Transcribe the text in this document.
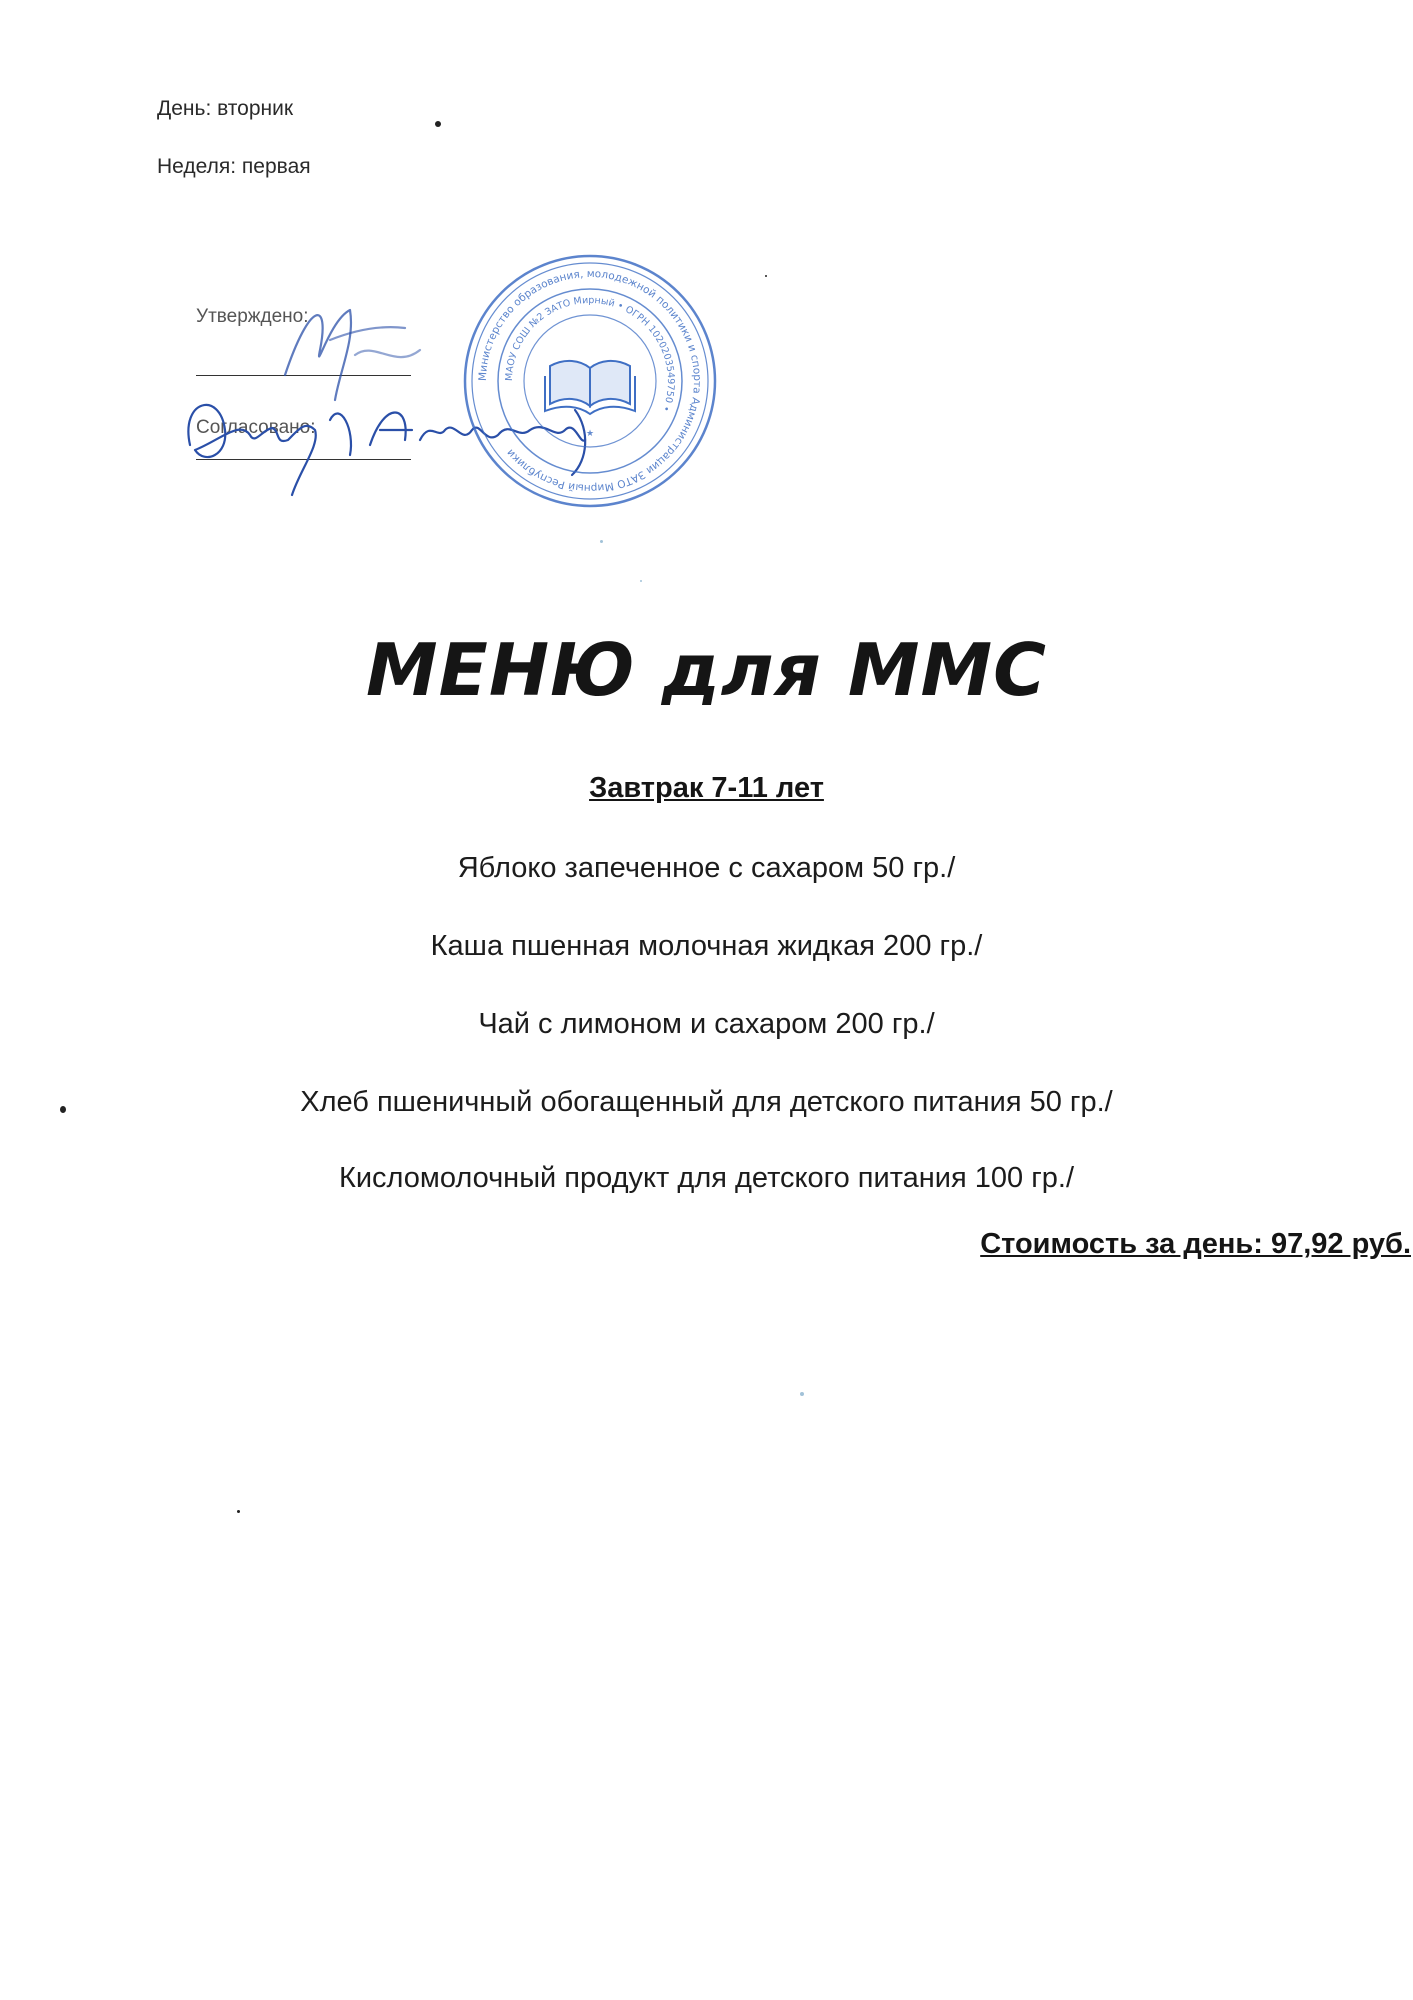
День: вторник
Неделя: первая
Утверждено:
Согласовано:
Министерство образования, молодежной политики и спорта Администрации ЗАТО Мирный Республики
МАОУ СОШ №2 ЗАТО Мирный • ОГРН 1020203549750 •
★
МЕНЮ для ММС
Завтрак 7-11 лет
Яблоко запеченное с сахаром 50 гр./
Каша пшенная молочная жидкая 200 гр./
Чай с лимоном и сахаром 200 гр./
Хлеб пшеничный обогащенный для детского питания 50 гр./
Кисломолочный продукт для детского питания 100 гр./
Стоимость за день: 97,92 руб.
